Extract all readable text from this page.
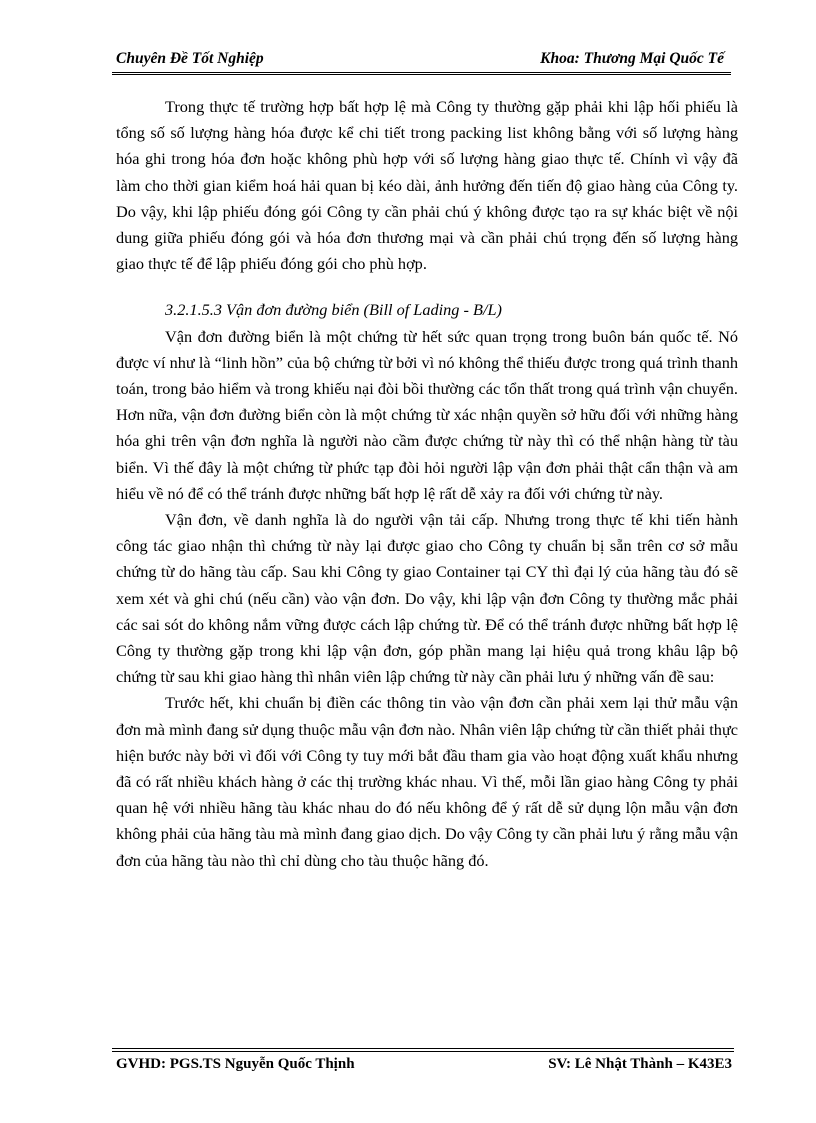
Chuyên Đề Tốt Nghiệp	Khoa: Thương Mại Quốc Tế

Trong thực tế trường hợp bất hợp lệ mà Công ty thường gặp phải khi lập hối phiếu là tổng số số lượng hàng hóa được kể chi tiết trong packing list không bằng với số lượng hàng hóa ghi trong hóa đơn hoặc không phù hợp với số lượng hàng giao thực tế. Chính vì vậy đã làm cho thời gian kiểm hoá hải quan bị kéo dài, ảnh hưởng đến tiến độ giao hàng của Công ty. Do vậy, khi lập phiếu đóng gói Công ty cần phải chú ý không được tạo ra sự khác biệt về nội dung giữa phiếu đóng gói và hóa đơn thương mại và cần phải chú trọng đến số lượng hàng giao thực tế để lập phiếu đóng gói cho phù hợp.

3.2.1.5.3 Vận đơn đường biển (Bill of Lading - B/L)

Vận đơn đường biển là một chứng từ hết sức quan trọng trong buôn bán quốc tế. Nó được ví như là “linh hồn” của bộ chứng từ bởi vì nó không thể thiếu được trong quá trình thanh toán, trong bảo hiểm và trong khiếu nại đòi bồi thường các tổn thất trong quá trình vận chuyển. Hơn nữa, vận đơn đường biển còn là một chứng từ xác nhận quyền sở hữu đối với những hàng hóa ghi trên vận đơn nghĩa là người nào cầm được chứng từ này thì có thể nhận hàng từ tàu biển. Vì thế đây là một chứng từ phức tạp đòi hỏi người lập vận đơn phải thật cẩn thận và am hiểu về nó để có thể tránh được những bất hợp lệ rất dễ xảy ra đối với chứng từ này.

Vận đơn, về danh nghĩa là do người vận tải cấp. Nhưng trong thực tế khi tiến hành công tác giao nhận thì chứng từ này lại được giao cho Công ty chuẩn bị sẵn trên cơ sở mẫu chứng từ do hãng tàu cấp. Sau khi Công ty giao Container tại CY thì đại lý của hãng tàu đó sẽ xem xét và ghi chú (nếu cần) vào vận đơn. Do vậy, khi lập vận đơn Công ty thường mắc phải các sai sót do không nắm vững được cách lập chứng từ. Để có thể tránh được những bất hợp lệ Công ty thường gặp trong khi lập vận đơn, góp phần mang lại hiệu quả trong khâu lập bộ chứng từ sau khi giao hàng thì nhân viên lập chứng từ này cần phải lưu ý những vấn đề sau:

Trước hết, khi chuẩn bị điền các thông tin vào vận đơn cần phải xem lại thử mẫu vận đơn mà mình đang sử dụng thuộc mẫu vận đơn nào. Nhân viên lập chứng từ cần thiết phải thực hiện bước này bởi vì đối với Công ty tuy mới bắt đầu tham gia vào hoạt động xuất khẩu nhưng đã có rất nhiều khách hàng ở các thị trường khác nhau. Vì thế, mỗi lần giao hàng Công ty phải quan hệ với nhiều hãng tàu khác nhau do đó nếu không để ý rất dễ sử dụng lộn mẫu vận đơn không phải của hãng tàu mà mình đang giao dịch. Do vậy Công ty cần phải lưu ý rằng mẫu vận đơn của hãng tàu nào thì chỉ dùng cho tàu thuộc hãng đó.

GVHD: PGS.TS Nguyễn Quốc Thịnh	SV: Lê Nhật Thành – K43E3
